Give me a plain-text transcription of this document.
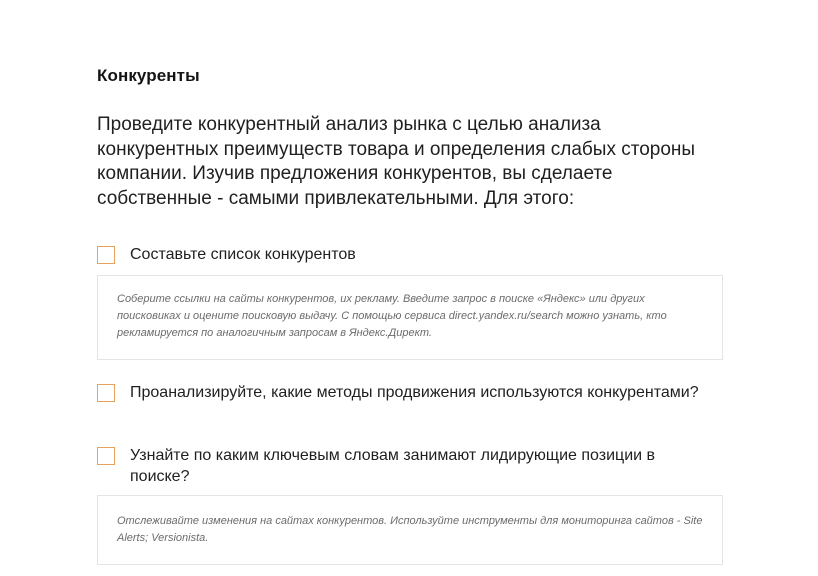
Конкуренты
Проведите конкурентный анализ рынка с целью анализа конкурентных преимуществ товара и определения слабых стороны компании. Изучив предложения конкурентов, вы сделаете собственные - самыми привлекательными. Для этого:
Составьте список конкурентов
Соберите ссылки на сайты конкурентов, их рекламу. Введите запрос в поиске «Яндекс» или других поисковиках и оцените поисковую выдачу. С помощью сервиса direct.yandex.ru/search можно узнать, кто рекламируется по аналогичным запросам в Яндекс.Директ.
Проанализируйте, какие методы продвижения используются конкурентами?
Узнайте по каким ключевым словам занимают лидирующие позиции в поиске?
Отслеживайте изменения на сайтах конкурентов. Используйте инструменты для мониторинга сайтов - Site Alerts; Versionista.
